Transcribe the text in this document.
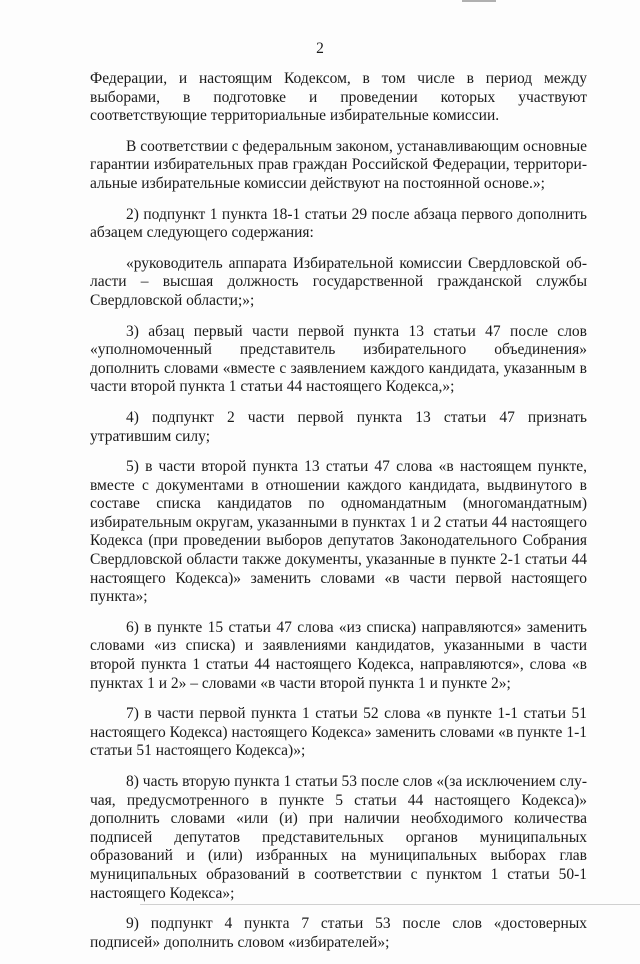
2

Федерации, и настоящим Кодексом, в том числе в период между выборами, в подготовке и проведении которых участвуют соответствующие территориальные избирательные комиссии.

В соответствии с федеральным законом, устанавливающим основные гарантии избирательных прав граждан Российской Федерации, территориальные избирательные комиссии действуют на постоянной основе.»;

2) подпункт 1 пункта 18-1 статьи 29 после абзаца первого дополнить абзацем следующего содержания:

«руководитель аппарата Избирательной комиссии Свердловской области – высшая должность государственной гражданской службы Свердловской области;»;

3) абзац первый части первой пункта 13 статьи 47 после слов «уполномоченный представитель избирательного объединения» дополнить словами «вместе с заявлением каждого кандидата, указанным в части второй пункта 1 статьи 44 настоящего Кодекса,»;

4) подпункт 2 части первой пункта 13 статьи 47 признать утратившим силу;

5) в части второй пункта 13 статьи 47 слова «в настоящем пункте, вместе с документами в отношении каждого кандидата, выдвинутого в составе списка кандидатов по одномандатным (многомандатным) избирательным округам, указанными в пунктах 1 и 2 статьи 44 настоящего Кодекса (при проведении выборов депутатов Законодательного Собрания Свердловской области также документы, указанные в пункте 2-1 статьи 44 настоящего Кодекса)» заменить словами «в части первой настоящего пункта»;

6) в пункте 15 статьи 47 слова «из списка) направляются» заменить словами «из списка) и заявлениями кандидатов, указанными в части второй пункта 1 статьи 44 настоящего Кодекса, направляются», слова «в пунктах 1 и 2» – словами «в части второй пункта 1 и пункте 2»;

7) в части первой пункта 1 статьи 52 слова «в пункте 1-1 статьи 51 настоящего Кодекса) настоящего Кодекса» заменить словами «в пункте 1-1 статьи 51 настоящего Кодекса)»;

8) часть вторую пункта 1 статьи 53 после слов «(за исключением случая, предусмотренного в пункте 5 статьи 44 настоящего Кодекса)» дополнить словами «или (и) при наличии необходимого количества подписей депутатов представительных органов муниципальных образований и (или) избранных на муниципальных выборах глав муниципальных образований в соответствии с пунктом 1 статьи 50-1 настоящего Кодекса»;

9) подпункт 4 пункта 7 статьи 53 после слов «достоверных подписей» дополнить словом «избирателей»;
